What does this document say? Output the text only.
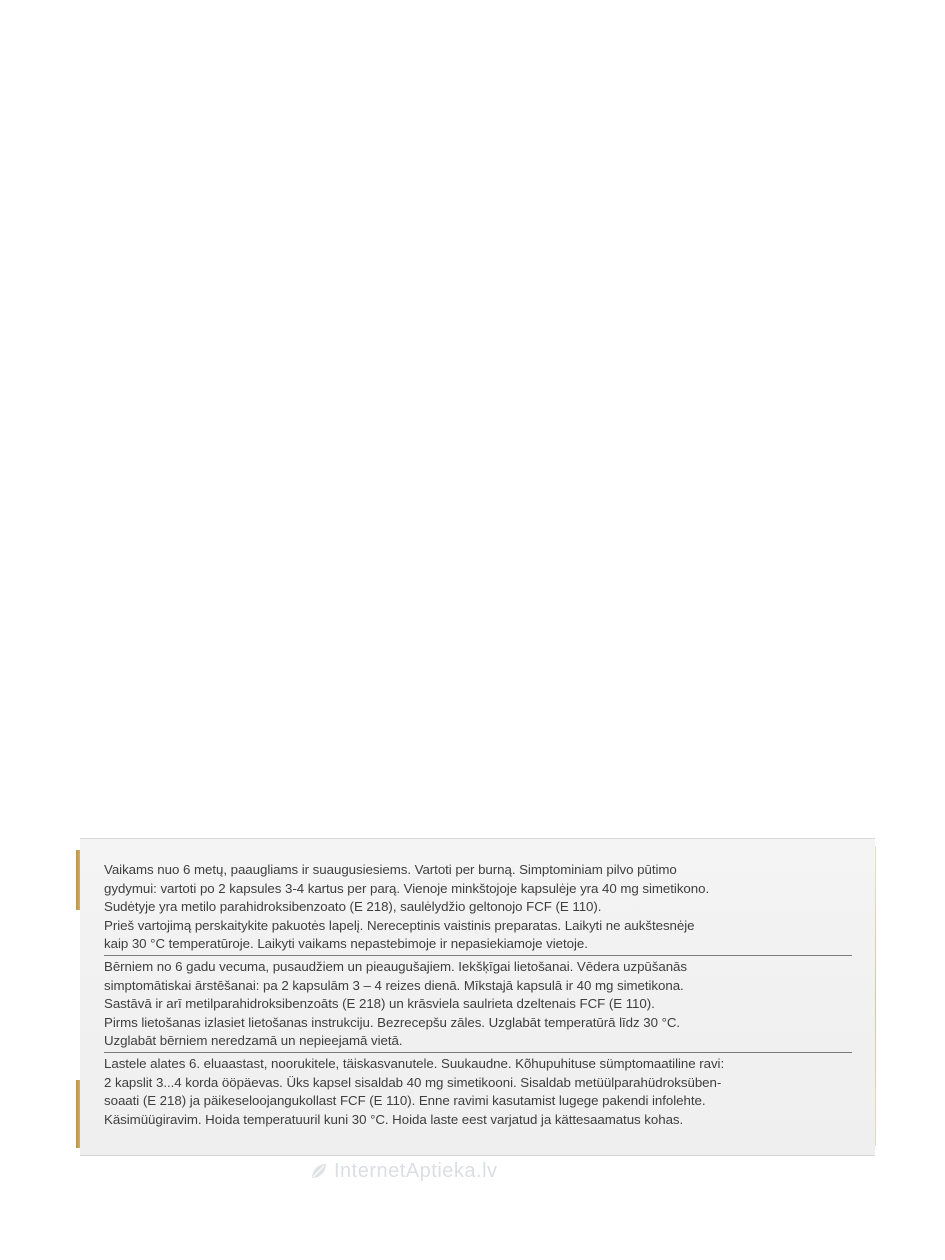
Vaikams nuo 6 metų, paaugliams ir suaugusiesiems. Vartoti per burną. Simptominiam pilvo pūtimo

gydymui: vartoti po 2 kapsules 3-4 kartus per parą. Vienoje minkštojoje kapsulėje yra 40 mg simetikono.

Sudėtyje yra metilo parahidroksibenzoato (E 218), saulėlydžio geltonojo FCF (E 110).

Prieš vartojimą perskaitykite pakuotės lapelį. Nereceptinis vaistinis preparatas. Laikyti ne aukštesnėje

kaip 30 °C temperatūroje. Laikyti vaikams nepastebimoje ir nepasiekiamoje vietoje.

Bērniem no 6 gadu vecuma, pusaudžiem un pieaugušajiem. Iekšķīgai lietošanai. Vēdera uzpūšanās

simptomātiskai ārstēšanai: pa 2 kapsulām 3 – 4 reizes dienā. Mīkstajā kapsulā ir 40 mg simetikona.

Sastāvā ir arī metilparahidroksibenzoāts (E 218) un krāsviela saulrieta dzeltenais FCF (E 110).

Pirms lietošanas izlasiet lietošanas instrukciju. Bezrecepšu zāles. Uzglabāt temperatūrā līdz 30 °C.

Uzglabāt bērniem neredzamā un nepieejamā vietā.

Lastele alates 6. eluaastast, noorukitele, täiskasvanutele. Suukaudne. Kõhupuhituse sümptomaatiline ravi:

2 kapslit 3...4 korda ööpäevas. Üks kapsel sisaldab 40 mg simetikooni. Sisaldab metüülparahüdroksüben-

soaati (E 218) ja päikeseloojangukollast FCF (E 110). Enne ravimi kasutamist lugege pakendi infolehte.

Käsimüügiravim. Hoida temperatuuril kuni 30 °C. Hoida laste eest varjatud ja kättesaamatus kohas.

InternetAptieka.lv
